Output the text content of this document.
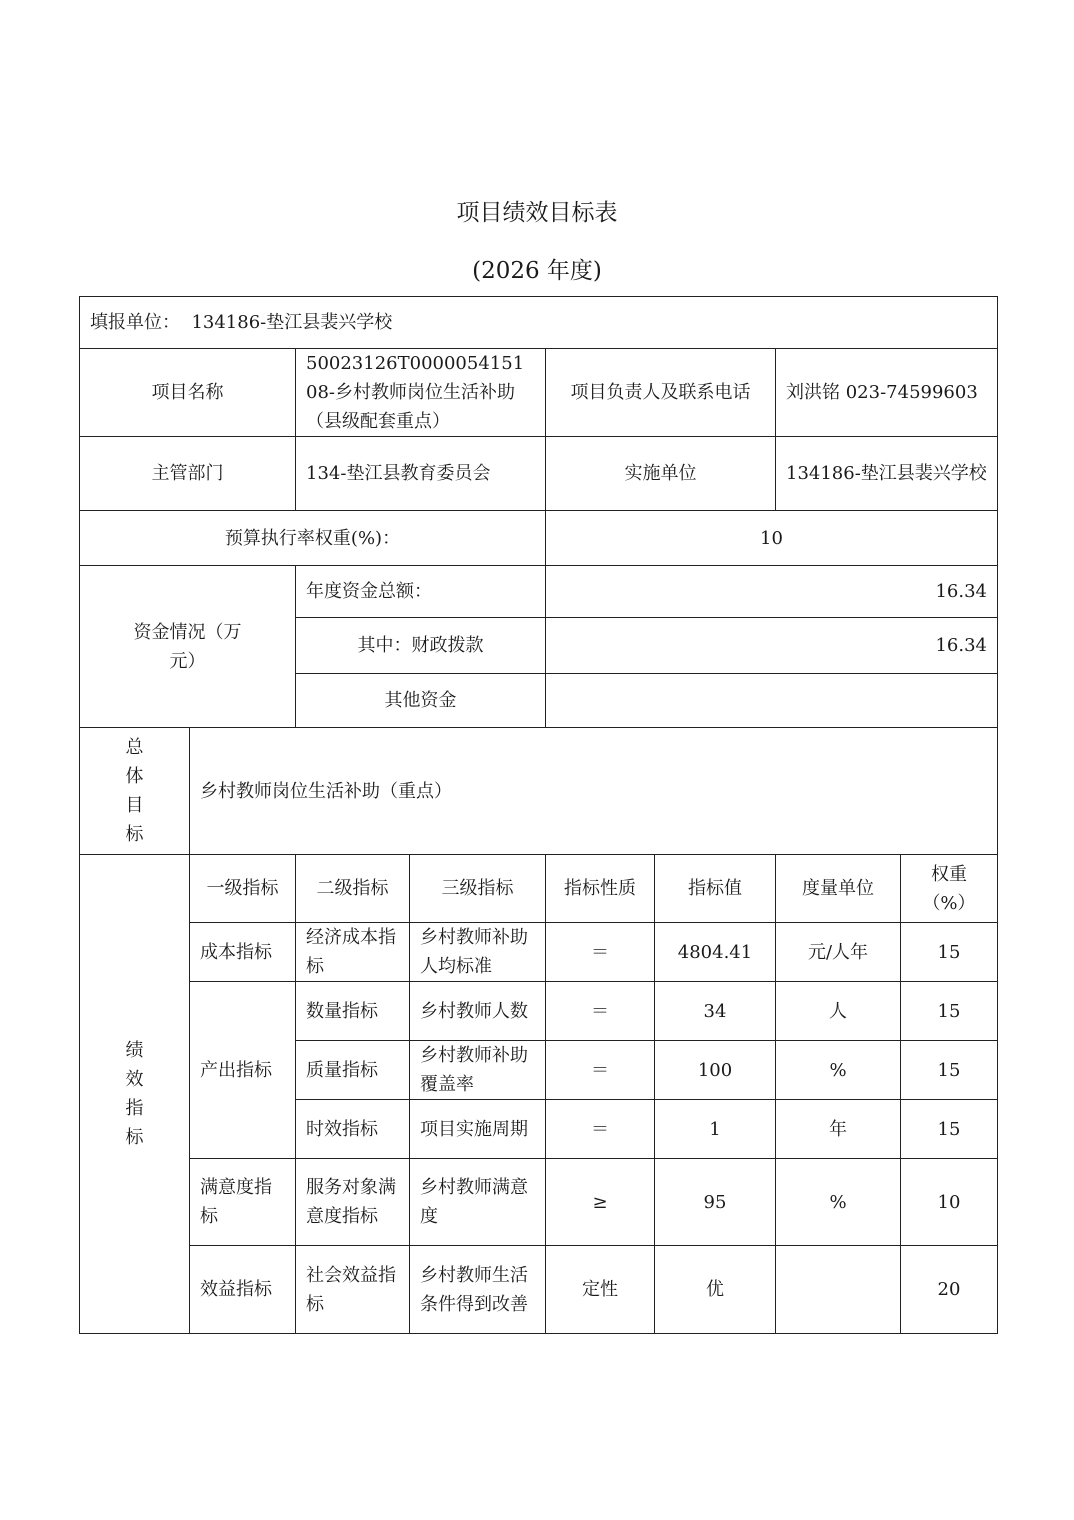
项目绩效目标表
(2026 年度)
填报单位： 134186-垫江县裴兴学校							
项目名称		50023126T000005415108-乡村教师岗位生活补助（县级配套重点）		项目负责人及联系电话		刘洪铭 023-74599603	
主管部门		134-垫江县教育委员会		实施单位		134186-垫江县裴兴学校	
预算执行率权重(%)：				10			

资金情况（万元）		年度资金总额：		16.34			
		其中：财政拨款		16.34			
		其他资金					
总体目标	乡村教师岗位生活补助（重点）						
绩效指标	一级指标	二级指标	三级指标	指标性质	指标值	度量单位	权重（%）
	成本指标	经济成本指标	乡村教师补助人均标准	＝	4804.41	元/人年	15
	产出指标	数量指标	乡村教师人数	＝	34	人	15
		质量指标	乡村教师补助覆盖率	＝	100	%	15
		时效指标	项目实施周期	＝	1	年	15
	满意度指标	服务对象满意度指标	乡村教师满意度	≥	95	%	10
	效益指标	社会效益指标	乡村教师生活条件得到改善	定性	优		20
